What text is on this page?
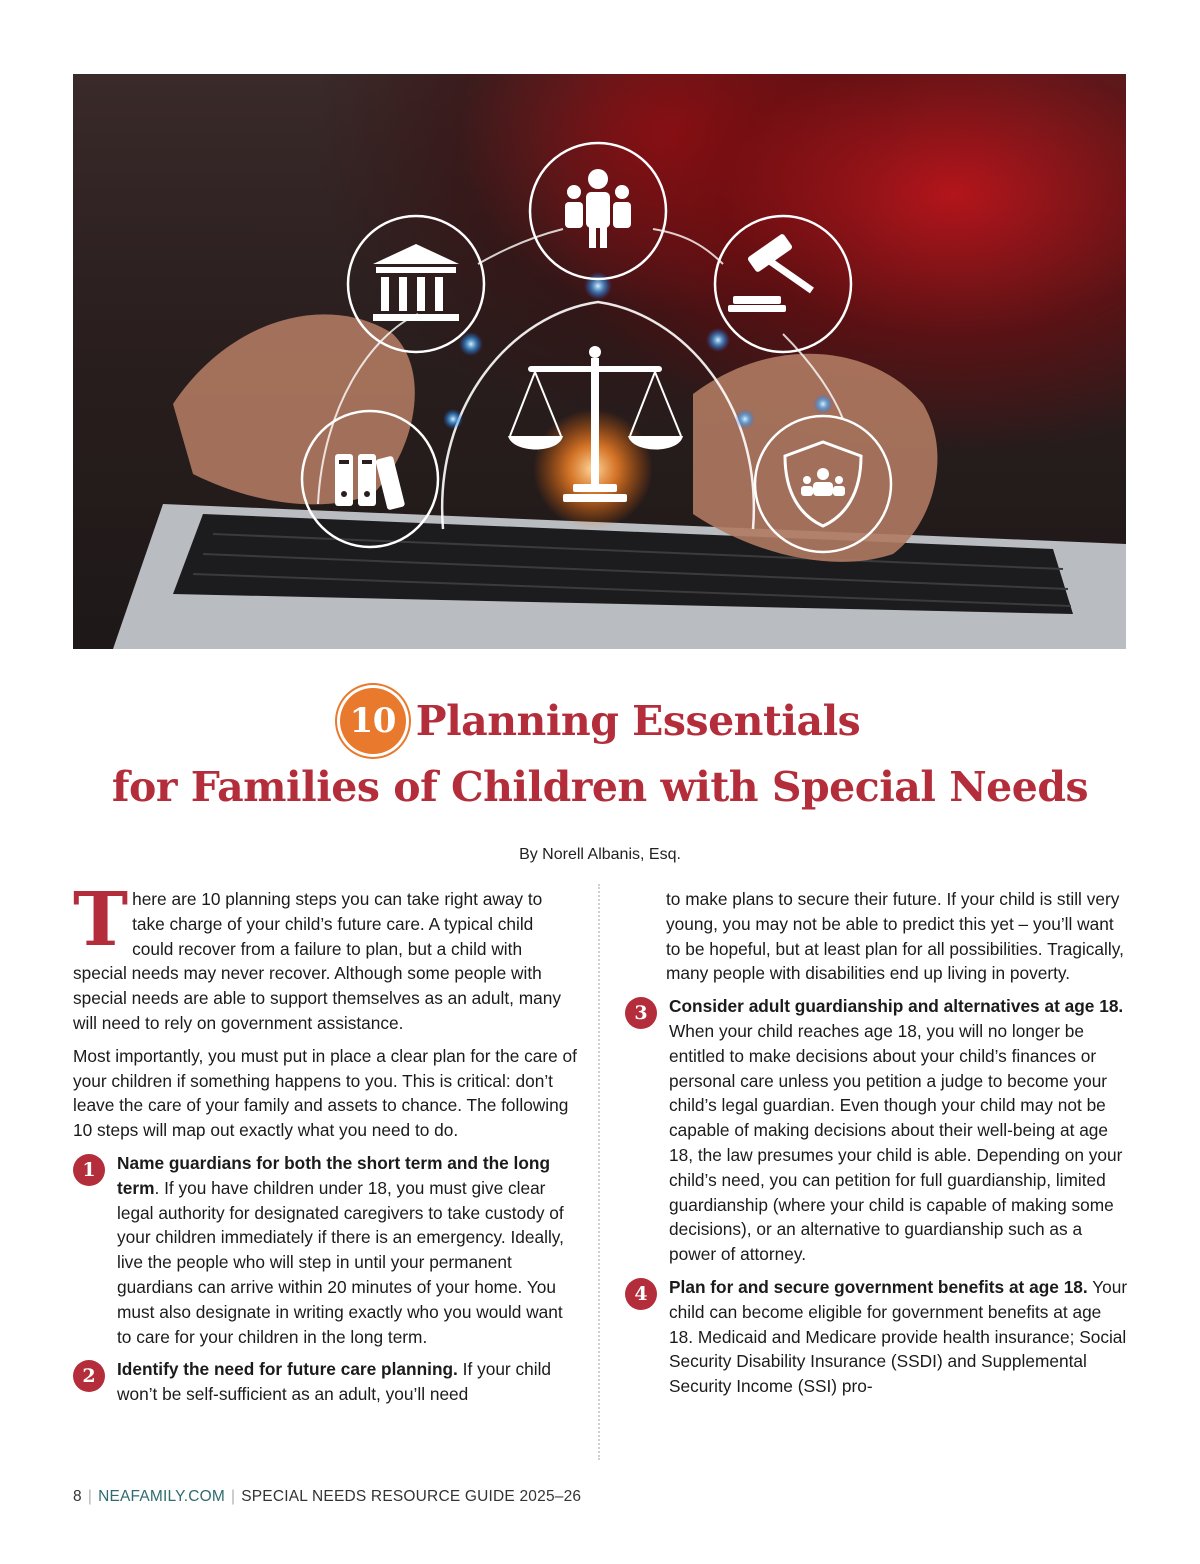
10 Planning Essentials
for Families of Children with Special Needs
By Norell Albanis, Esq.

There are 10 planning steps you can take right away to take charge of your child’s future care. A typical child could recover from a failure to plan, but a child with special needs may never recover. Although some people with special needs are able to support themselves as an adult, many will need to rely on government assistance.

Most importantly, you must put in place a clear plan for the care of your children if something happens to you. This is critical: don’t leave the care of your family and assets to chance. The following 10 steps will map out exactly what you need to do.

1	Name guardians for both the short term and the long term. If you have children under 18, you must give clear legal authority for designated caregivers to take custody of your children immediately if there is an emergency. Ideally, live the people who will step in until your permanent guardians can arrive within 20 minutes of your home. You must also designate in writing exactly who you would want to care for your children in the long term.
2	Identify the need for future care planning. If your child won’t be self-sufficient as an adult, you’ll need

to make plans to secure their future. If your child is still very young, you may not be able to predict this yet – you’ll want to be hopeful, but at least plan for all possibilities. Tragically, many people with disabilities end up living in poverty.

3	Consider adult guardianship and alternatives at age 18. When your child reaches age 18, you will no longer be entitled to make decisions about your child’s finances or personal care unless you petition a judge to become your child’s legal guardian. Even though your child may not be capable of making decisions about their well-being at age 18, the law presumes your child is able. Depending on your child’s need, you can petition for full guardianship, limited guardianship (where your child is capable of making some decisions), or an alternative to guardianship such as a power of attorney.
4	Plan for and secure government benefits at age 18. Your child can become eligible for government benefits at age 18. Medicaid and Medicare provide health insurance; Social Security Disability Insurance (SSDI) and Supplemental Security Income (SSI) pro-
8 | NEAFAMILY.COM | SPECIAL NEEDS RESOURCE GUIDE 2025–26
